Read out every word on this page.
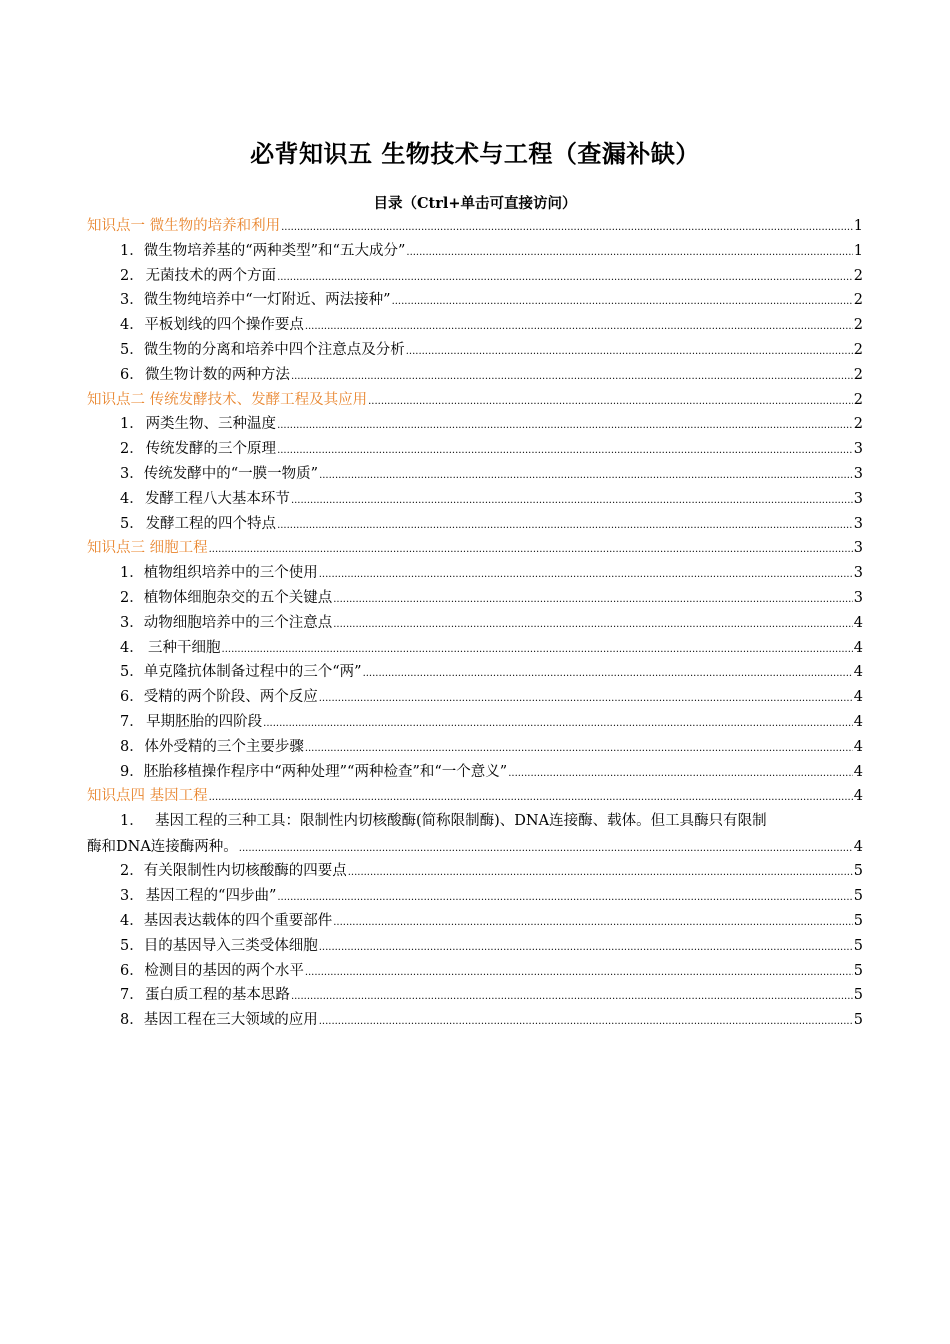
必背知识五 生物技术与工程（查漏补缺）
目录（Ctrl+单击可直接访问）
知识点一 微生物的培养和利用 .....	1
1． 微生物培养基的“两种类型”和“五大成分” .....	1
2． 无菌技术的两个方面 .....	2
3． 微生物纯培养中“一灯附近、两法接种” .....	2
4． 平板划线的四个操作要点 .....	2
5． 微生物的分离和培养中四个注意点及分析 .....	2
6． 微生物计数的两种方法 .....	2
知识点二 传统发酵技术、发酵工程及其应用 .....	2
1． 两类生物、三种温度 .....	2
2． 传统发酵的三个原理 .....	3
3． 传统发酵中的“一膜一物质” .....	3
4． 发酵工程八大基本环节 .....	3
5． 发酵工程的四个特点 .....	3
知识点三 细胞工程 .....	3
1． 植物组织培养中的三个使用 .....	3
2． 植物体细胞杂交的五个关键点 .....	3
3． 动物细胞培养中的三个注意点 .....	4
4． 三种干细胞 .....	4
5． 单克隆抗体制备过程中的三个“两” .....	4
6． 受精的两个阶段、两个反应 .....	4
7． 早期胚胎的四阶段 .....	4
8． 体外受精的三个主要步骤 .....	4
9． 胚胎移植操作程序中“两种处理”“两种检查”和“一个意义” .....	4
知识点四 基因工程 .....	4
1． 基因工程的三种工具：限制性内切核酸酶(简称限制酶)、DNA连接酶、载体。但工具酶只有限制
酶和DNA连接酶两种。 .....	4
2． 有关限制性内切核酸酶的四要点 .....	5
3． 基因工程的“四步曲” .....	5
4． 基因表达载体的四个重要部件 .....	5
5． 目的基因导入三类受体细胞 .....	5
6． 检测目的基因的两个水平 .....	5
7． 蛋白质工程的基本思路 .....	5
8． 基因工程在三大领域的应用 .....	5
